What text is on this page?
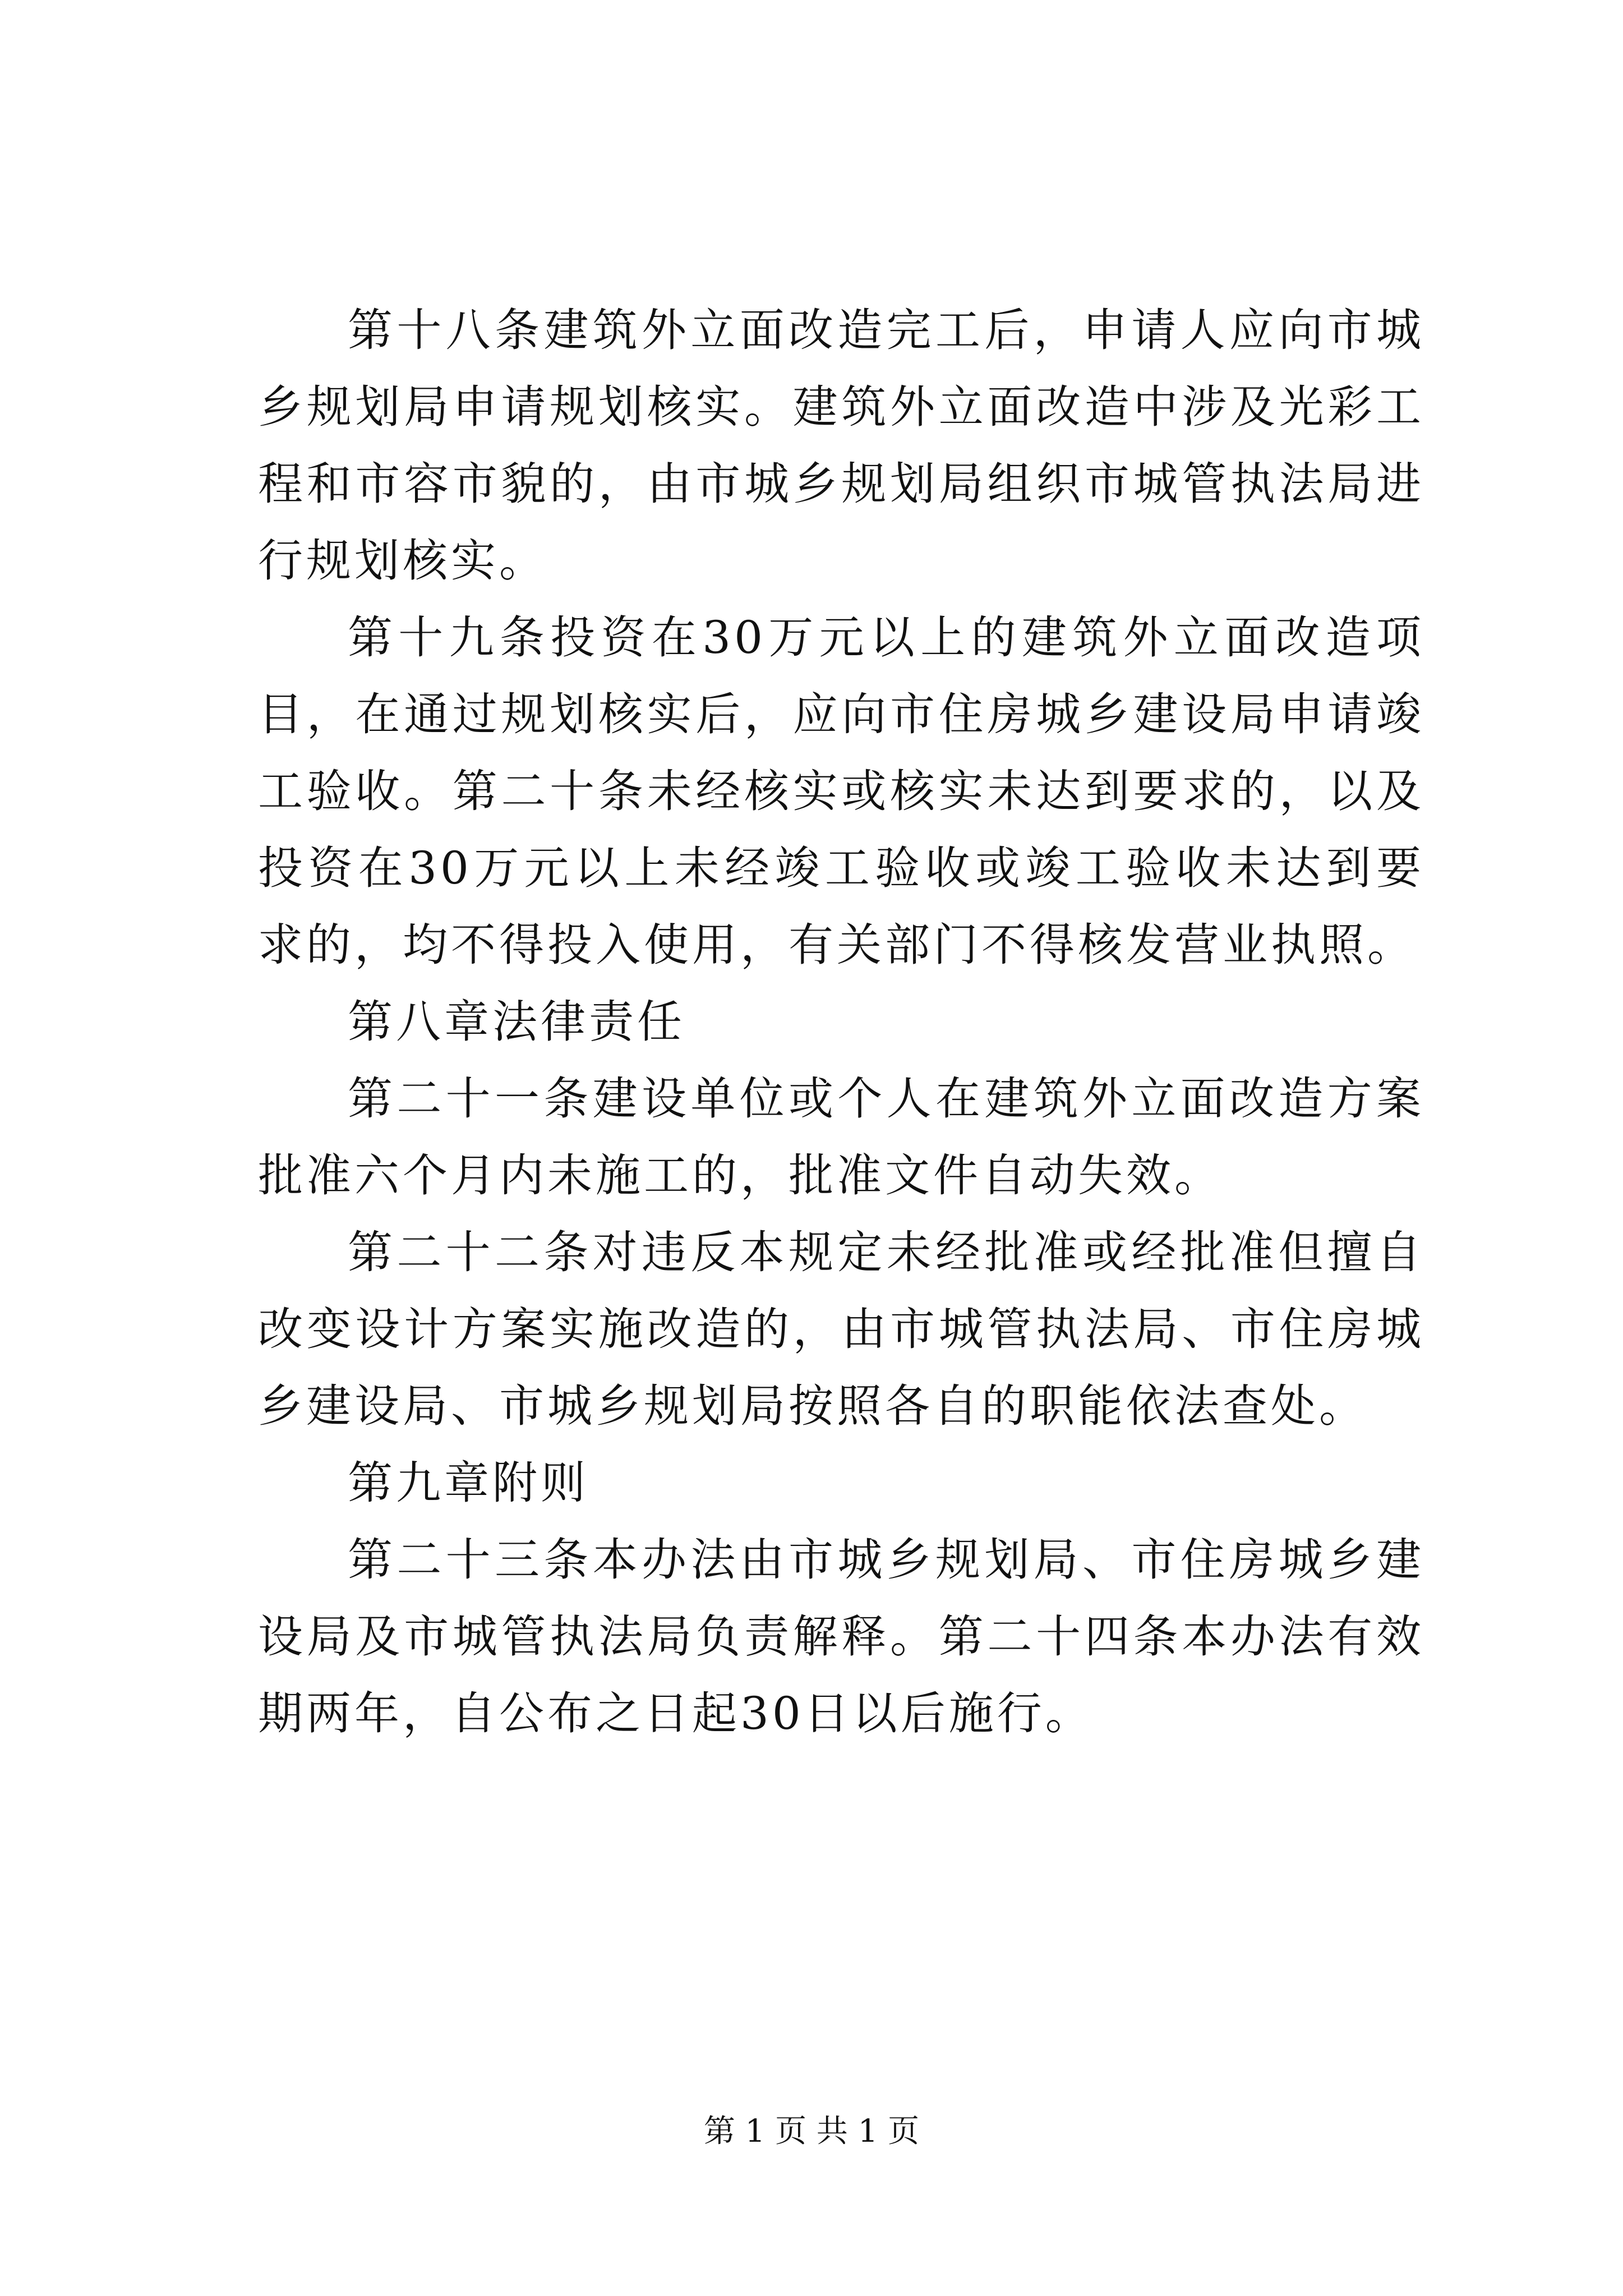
第十八条建筑外立面改造完工后，申请人应向市城乡规划局申请规划核实。建筑外立面改造中涉及光彩工程和市容市貌的，由市城乡规划局组织市城管执法局进行规划核实。

第十九条投资在30万元以上的建筑外立面改造项目，在通过规划核实后，应向市住房城乡建设局申请竣工验收。第二十条未经核实或核实未达到要求的，以及投资在30万元以上未经竣工验收或竣工验收未达到要求的，均不得投入使用，有关部门不得核发营业执照。

第八章法律责任

第二十一条建设单位或个人在建筑外立面改造方案批准六个月内未施工的，批准文件自动失效。

第二十二条对违反本规定未经批准或经批准但擅自改变设计方案实施改造的，由市城管执法局、市住房城乡建设局、市城乡规划局按照各自的职能依法查处。

第九章附则

第二十三条本办法由市城乡规划局、市住房城乡建设局及市城管执法局负责解释。第二十四条本办法有效期两年，自公布之日起30日以后施行。

第 1 页 共 1 页
